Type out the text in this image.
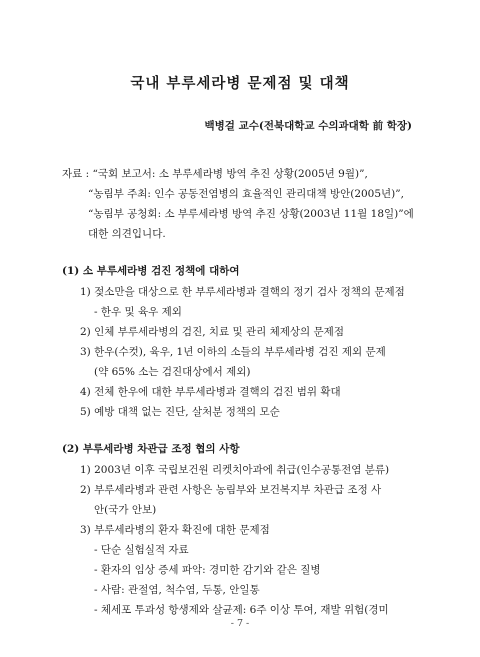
국내 부루세라병 문제점 및 대책
백병걸 교수(전북대학교 수의과대학 前 학장)
자료 : “국회 보고서: 소 부루세라병 방역 추진 상황(2005년 9월)”,
“농림부 주최: 인수 공동전염병의 효율적인 관리대책 방안(2005년)”,
“농림부 공청회: 소 부루세라병 방역 추진 상황(2003년 11월 18일)”에
대한 의견입니다.
(1) 소 부루세라병 검진 정책에 대하여
1) 젖소만을 대상으로 한 부루세라병과 결핵의 정기 검사 정책의 문제점
- 한우 및 육우 제외
2) 인체 부루세라병의 검진, 치료 및 관리 체제상의 문제점
3) 한우(수컷), 육우, 1년 이하의 소들의 부루세라병 검진 제외 문제
(약 65% 소는 검진대상에서 제외)
4) 전체 한우에 대한 부루세라병과 결핵의 검진 범위 확대
5) 예방 대책 없는 진단, 살처분 정책의 모순
(2) 부루세라병 차관급 조정 협의 사항
1) 2003년 이후 국립보건원 리켓치아과에 취급(인수공통전염 분류)
2) 부루세라병과 관련 사항은 농림부와 보건복지부 차관급 조정 사
안(국가 안보)
3) 부루세라병의 환자 확진에 대한 문제점
- 단순 실험실적 자료
- 환자의 임상 증세 파악: 경미한 감기와 같은 질병
- 사람: 관절염, 척수염, 두통, 안일통
- 체세포 투과성 항생제와 살균제: 6주 이상 투여, 재발 위험(경미
- 7 -
